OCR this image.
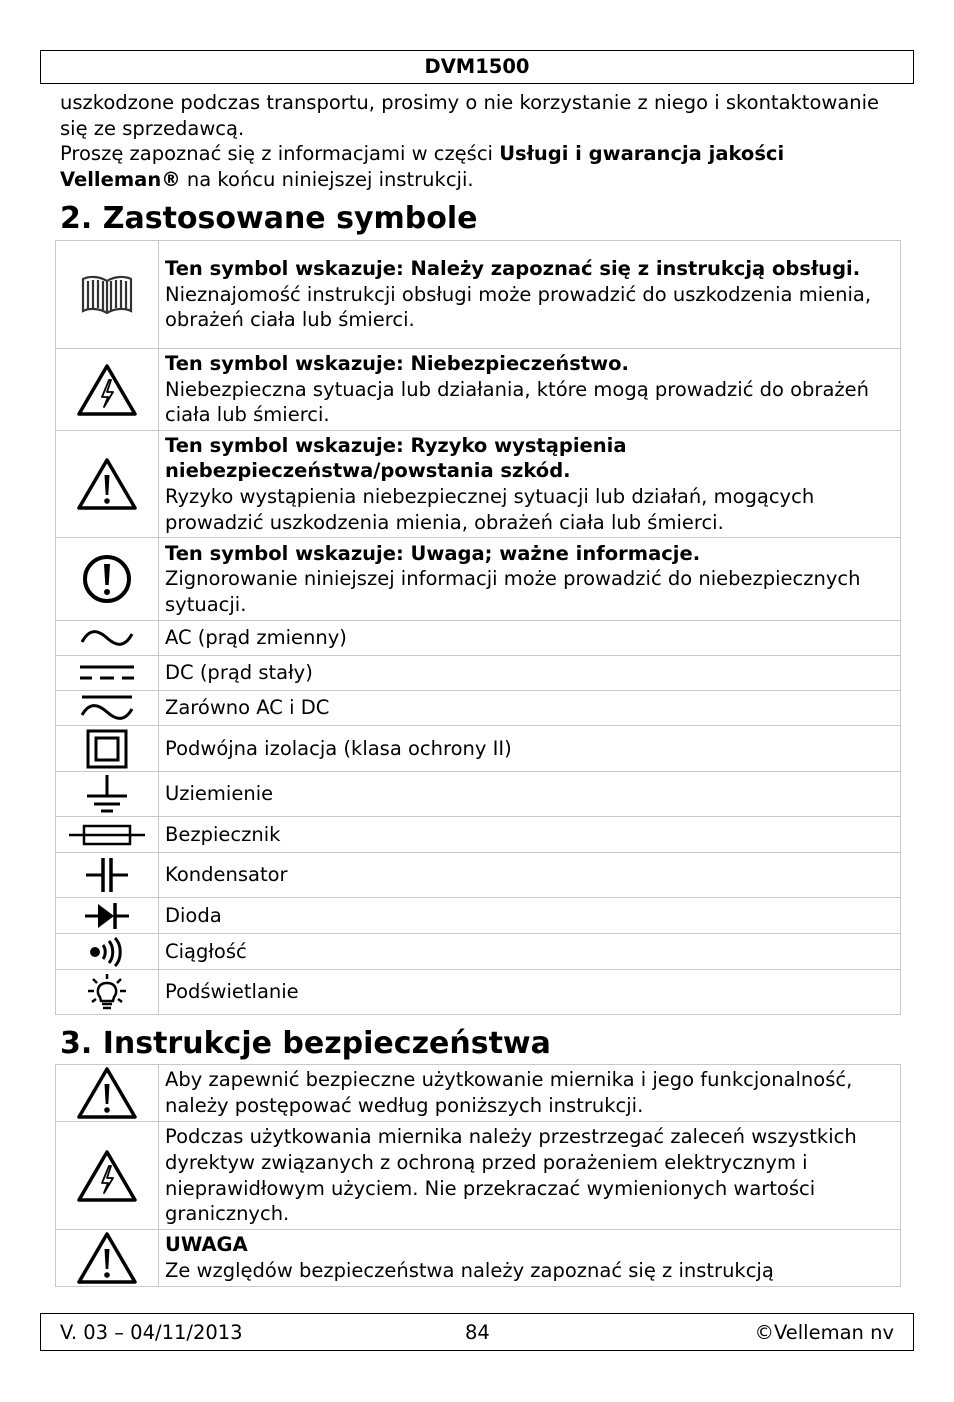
DVM1500

uszkodzone podczas transportu, prosimy o nie korzystanie z niego i skontaktowanie się ze sprzedawcą.

Proszę zapoznać się z informacjami w części Usługi i gwarancja jakości Velleman® na końcu niniejszej instrukcji.

2. Zastosowane symbole

Ten symbol wskazuje: Należy zapoznać się z instrukcją obsługi.
Nieznajomość instrukcji obsługi może prowadzić do uszkodzenia mienia, obrażeń ciała lub śmierci.

Ten symbol wskazuje: Niebezpieczeństwo.
Niebezpieczna sytuacja lub działania, które mogą prowadzić do obrażeń ciała lub śmierci.

Ten symbol wskazuje: Ryzyko wystąpienia niebezpieczeństwa/powstania szkód.
Ryzyko wystąpienia niebezpiecznej sytuacji lub działań, mogących prowadzić uszkodzenia mienia, obrażeń ciała lub śmierci.

Ten symbol wskazuje: Uwaga; ważne informacje.
Zignorowanie niniejszej informacji może prowadzić do niebezpiecznych sytuacji.

	AC (prąd zmienny)

	DC (prąd stały)

	Zarówno AC i DC

	Podwójna izolacja (klasa ochrony II)

	Uziemienie

	Bezpiecznik

	Kondensator

	Dioda

	Ciągłość

	Podświetlanie
3. Instrukcje bezpieczeństwa

Aby zapewnić bezpieczne użytkowanie miernika i jego funkcjonalność, należy postępować według poniższych instrukcji.

Podczas użytkowania miernika należy przestrzegać zaleceń wszystkich dyrektyw związanych z ochroną przed porażeniem elektrycznym i nieprawidłowym użyciem. Nie przekraczać wymienionych wartości granicznych.

UWAGA
Ze względów bezpieczeństwa należy zapoznać się z instrukcją
V. 03 – 04/11/2013	84	©Velleman nv
